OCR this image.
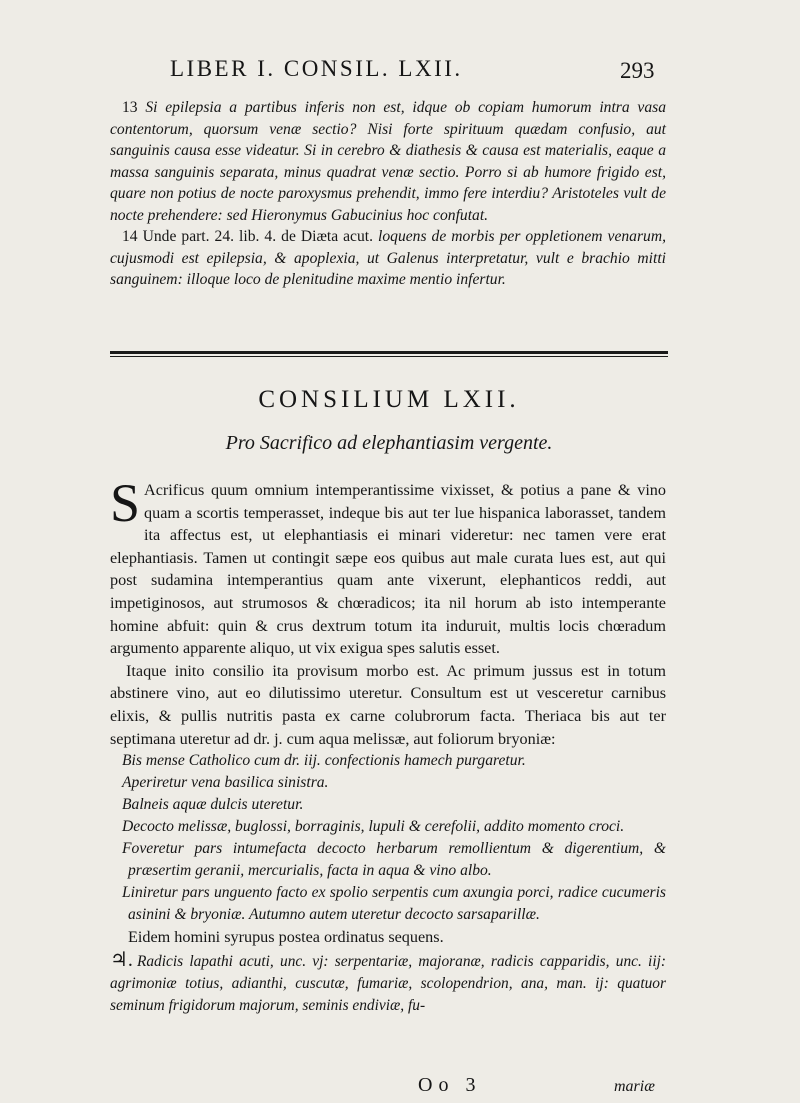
LIBER I. CONSIL. LXII.	293

13 Si epilepsia a partibus inferis non est, idque ob copiam humorum intra vasa contentorum, quorsum venæ sectio? Nisi forte spirituum quædam confusio, aut sanguinis causa esse videatur. Si in cerebro & diathesis & causa est materialis, eaque a massa sanguinis separata, minus quadrat venæ sectio. Porro si ab humore frigido est, quare non potius de nocte paroxysmus prehendit, immo fere interdiu? Aristoteles vult de nocte prehendere: sed Hieronymus Gabucinius hoc confutat.

14 Unde part. 24. lib. 4. de Diæta acut. loquens de morbis per oppletionem venarum, cujusmodi est epilepsia, & apoplexia, ut Galenus interpretatur, vult e brachio mitti sanguinem: illoque loco de plenitudine maxime mentio infertur.

CONSILIUM LXII.
Pro Sacrifico ad elephantiasim vergente.

S Acrificus quum omnium intemperantissime vixisset, & potius a pane & vino quam a scortis temperasset, indeque bis aut ter lue hispanica laborasset, tandem ita affectus est, ut elephantiasis ei minari videretur: nec tamen vere erat elephantiasis. Tamen ut contingit sæpe eos quibus aut male curata lues est, aut qui post sudamina intemperantius quam ante vixerunt, elephanticos reddi, aut impetiginosos, aut strumosos & chœradicos; ita nil horum ab isto intemperante homine abfuit: quin & crus dextrum totum ita induruit, multis locis chœradum argumento apparente aliquo, ut vix exigua spes salutis esset.

Itaque inito consilio ita provisum morbo est. Ac primum jussus est in totum abstinere vino, aut eo dilutissimo uteretur. Consultum est ut vesceretur carnibus elixis, & pullis nutritis pasta ex carne colubrorum facta. Theriaca bis aut ter septimana uteretur ad dr. j. cum aqua melissæ, aut foliorum bryoniæ:

Bis mense Catholico cum dr. iij. confectionis hamech purgaretur.
Aperiretur vena basilica sinistra.
Balneis aquæ dulcis uteretur.
Decocto melissæ, buglossi, borraginis, lupuli & cerefolii, addito momento croci.
Foveretur pars intumefacta decocto herbarum remollientum & digerentium, & præsertim geranii, mercurialis, facta in aqua & vino albo.
Liniretur pars unguento facto ex spolio serpentis cum axungia porci, radice cucumeris asinini & bryoniæ. Autumno autem uteretur decocto sarsaparillæ.

Eidem homini syrupus postea ordinatus sequens.

♃. Radicis lapathi acuti, unc. vj: serpentariæ, majoranæ, radicis capparidis, unc. iij: agrimoniæ totius, adianthi, cuscutæ, fumariæ, scolopendrion, ana, man. ij: quatuor seminum frigidorum majorum, seminis endiviæ, fu-

Oo 3	mariæ
